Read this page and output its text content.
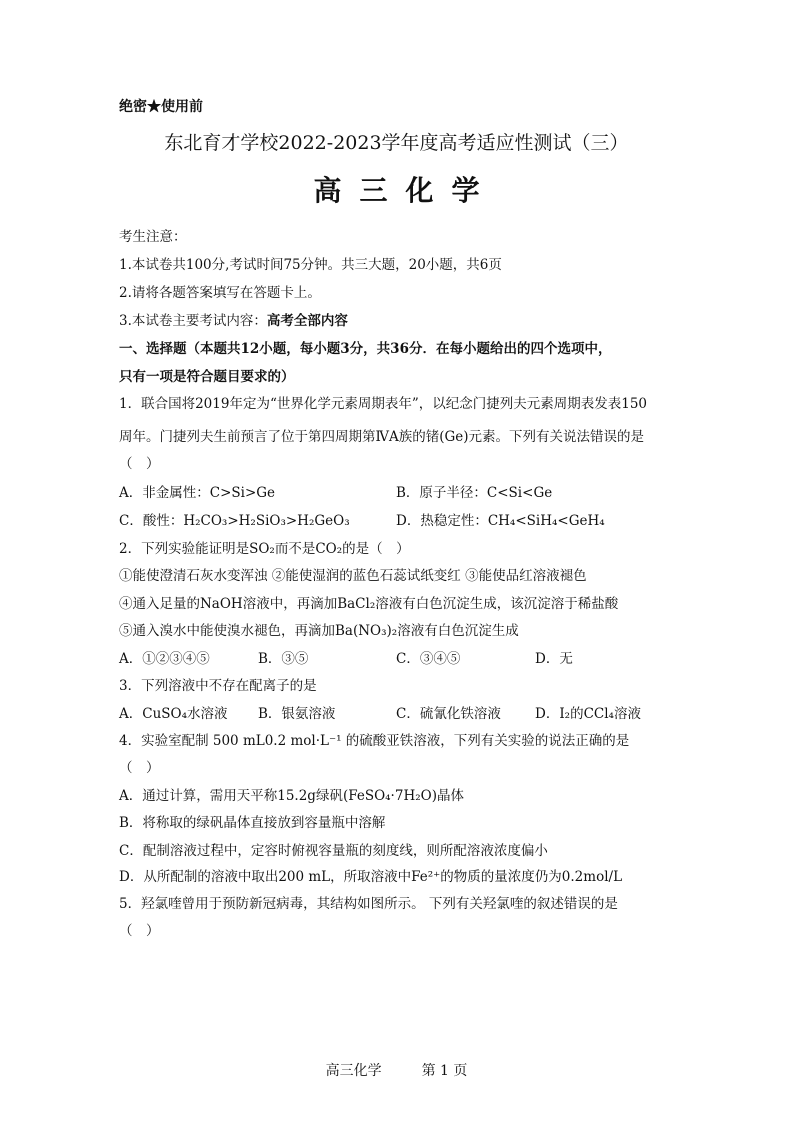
绝密★使用前
东北育才学校2022-2023学年度高考适应性测试（三）
高 三 化 学
考生注意：
1.本试卷共100分,考试时间75分钟。共三大题，20小题，共6页
2.请将各题答案填写在答题卡上。
3.本试卷主要考试内容：高考全部内容
一、选择题（本题共12小题，每小题3分，共36分．在每小题给出的四个选项中，
只有一项是符合题目要求的）
1．联合国将2019年定为“世界化学元素周期表年”，以纪念门捷列夫元素周期表发表150
周年。门捷列夫生前预言了位于第四周期第ⅣA族的锗(Ge)元素。下列有关说法错误的是
（　）
A．非金属性：C>Si>Ge	B．原子半径：C<Si<Ge
C．酸性：H₂CO₃>H₂SiO₃>H₂GeO₃	D．热稳定性：CH₄<SiH₄<GeH₄
2．下列实验能证明是SO₂而不是CO₂的是（　）
①能使澄清石灰水变浑浊 ②能使湿润的蓝色石蕊试纸变红 ③能使品红溶液褪色
④通入足量的NaOH溶液中，再滴加BaCl₂溶液有白色沉淀生成，该沉淀溶于稀盐酸
⑤通入溴水中能使溴水褪色，再滴加Ba(NO₃)₂溶液有白色沉淀生成
A．①②③④⑤	B．③⑤	C．③④⑤	D．无
3．下列溶液中不存在配离子的是
A．CuSO₄水溶液 B．银氨溶液	C．硫氰化铁溶液	D．I₂的CCl₄溶液
4．实验室配制 500 mL0.2 mol·L⁻¹ 的硫酸亚铁溶液，下列有关实验的说法正确的是
（　）
A．通过计算，需用天平称15.2g绿矾(FeSO₄·7H₂O)晶体
B．将称取的绿矾晶体直接放到容量瓶中溶解
C．配制溶液过程中，定容时俯视容量瓶的刻度线，则所配溶液浓度偏小
D．从所配制的溶液中取出200 mL，所取溶液中Fe²⁺的物质的量浓度仍为0.2mol/L
5．羟氯喹曾用于预防新冠病毒，其结构如图所示。 下列有关羟氯喹的叙述错误的是
（　）
高三化学	第 1 页
